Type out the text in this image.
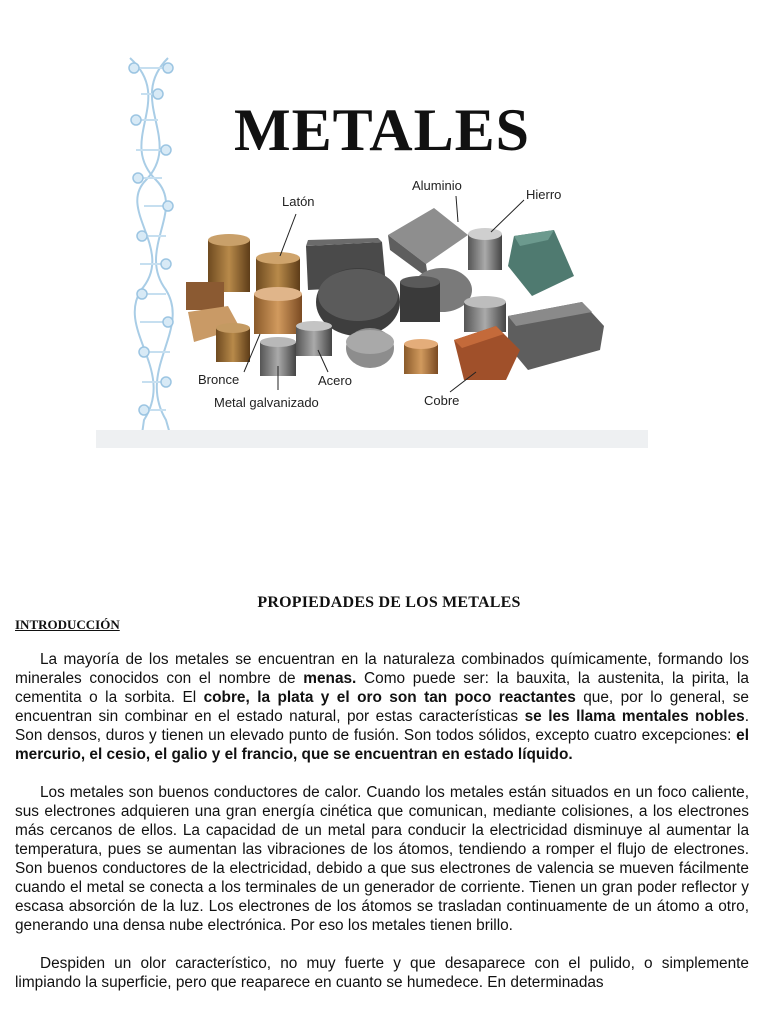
METALES
Latón
Aluminio
Hierro
Bronce	Acero
Metal galvanizado	Cobre
PROPIEDADES DE LOS METALES
INTRODUCCIÓN

La mayoría de los metales se encuentran en la naturaleza combinados químicamente, formando los minerales conocidos con el nombre de menas. Como puede ser: la bauxita, la austenita, la pirita, la cementita o la sorbita. El cobre, la plata y el oro son tan poco reactantes que, por lo general, se encuentran sin combinar en el estado natural, por estas características se les llama mentales nobles. Son densos, duros y tienen un elevado punto de fusión. Son todos sólidos, excepto cuatro excepciones: el mercurio, el cesio, el galio y el francio, que se encuentran en estado líquido.

Los metales son buenos conductores de calor. Cuando los metales están situados en un foco caliente, sus electrones adquieren una gran energía cinética que comunican, mediante colisiones, a los electrones más cercanos de ellos. La capacidad de un metal para conducir la electricidad disminuye al aumentar la temperatura, pues se aumentan las vibraciones de los átomos, tendiendo a romper el flujo de electrones. Son buenos conductores de la electricidad, debido a que sus electrones de valencia se mueven fácilmente cuando el metal se conecta a los terminales de un generador de corriente. Tienen un gran poder reflector y escasa absorción de la luz. Los electrones de los átomos se trasladan continuamente de un átomo a otro, generando una densa nube electrónica. Por eso los metales tienen brillo.

Despiden un olor característico, no muy fuerte y que desaparece con el pulido, o simplemente limpiando la superficie, pero que reaparece en cuanto se humedece. En determinadas
